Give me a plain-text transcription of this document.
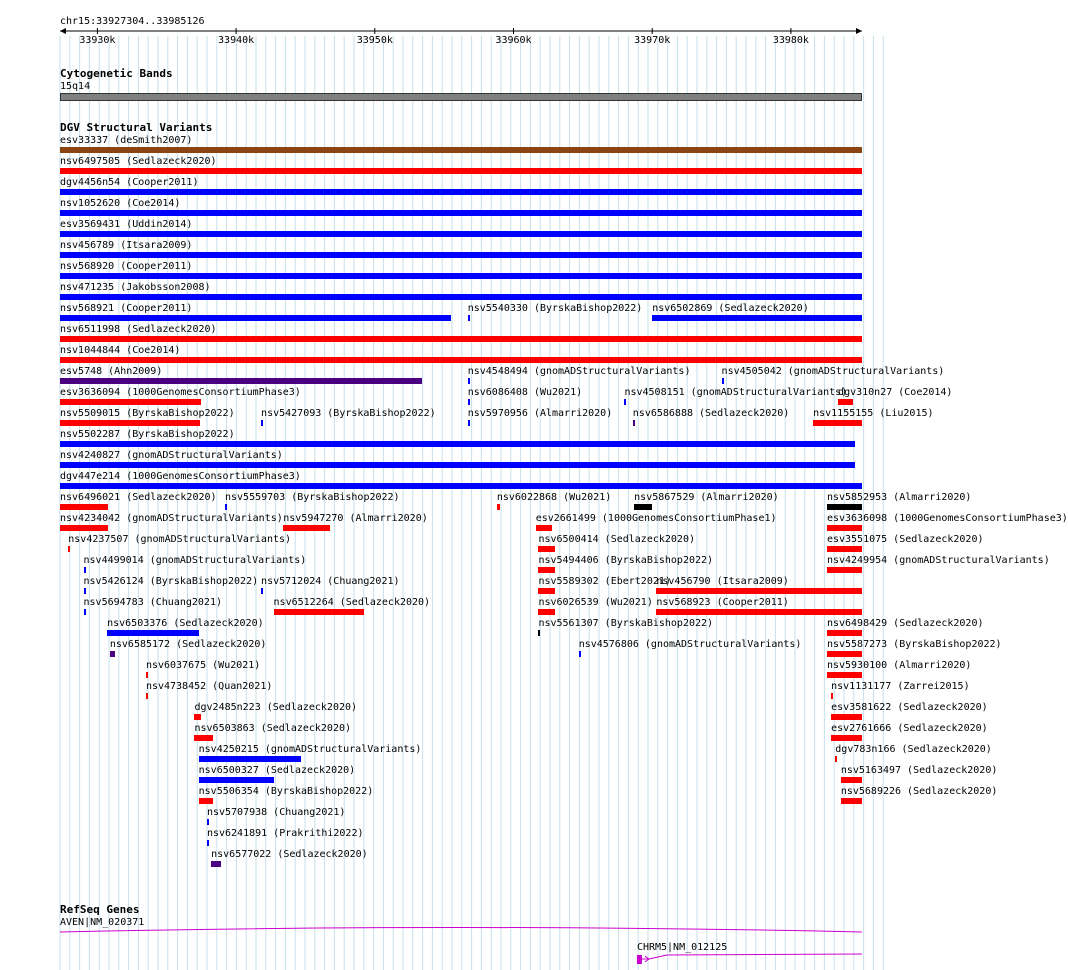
chr15:33927304..33985126
33930k	33940k	33950k	33960k	33970k	33980k
Cytogenetic Bands
15q14
DGV Structural Variants
esv33337 (deSmith2007)
nsv6497505 (Sedlazeck2020)
dgv4456n54 (Cooper2011)
nsv1052620 (Coe2014)
esv3569431 (Uddin2014)
nsv456789 (Itsara2009)
nsv568920 (Cooper2011)
nsv471235 (Jakobsson2008)
nsv568921 (Cooper2011)	nsv5540330 (ByrskaBishop2022) nsv6502869 (Sedlazeck2020)
nsv6511998 (Sedlazeck2020)
nsv1044844 (Coe2014)
esv5748 (Ahn2009)	nsv4548494 (gnomADStructuralVariants)	nsv4505042 (gnomADStructuralVariants)
esv3636094 (1000GenomesConsortiumPhase3)	nsv6086408 (Wu2021)	nsv4508151 (gnomADStructuralVariants)
dgv310n27 (Coe2014)
nsv5509015 (ByrskaBishop2022)	nsv5427093 (ByrskaBishop2022)	nsv5970956 (Almarri2020) nsv6586888 (Sedlazeck2020) nsv1155155 (Liu2015)
nsv5502287 (ByrskaBishop2022)
nsv4240827 (gnomADStructuralVariants)
dgv447e214 (1000GenomesConsortiumPhase3)
nsv6496021 (Sedlazeck2020) nsv5559703 (ByrskaBishop2022)	nsv6022868 (Wu2021) nsv5867529 (Almarri2020)	nsv5852953 (Almarri2020)
nsv4234042 (gnomADStructuralVariants) nsv5947270 (Almarri2020)	esv2661499 (1000GenomesConsortiumPhase1)	esv3636098 (1000GenomesConsortiumPhase3)
nsv4237507 (gnomADStructuralVariants)	nsv6500414 (Sedlazeck2020)	esv3551075 (Sedlazeck2020)
nsv4499014 (gnomADStructuralVariants)	nsv5494406 (ByrskaBishop2022)	nsv4249954 (gnomADStructuralVariants)
nsv5426124 (ByrskaBishop2022) nsv5712024 (Chuang2021)	nsv5589302 (Ebert2021)
nsv456790 (Itsara2009)
nsv5694783 (Chuang2021)	nsv6512264 (Sedlazeck2020)	nsv6026539 (Wu2021) nsv568923 (Cooper2011)
nsv6503376 (Sedlazeck2020)	nsv5561307 (ByrskaBishop2022)	nsv6498429 (Sedlazeck2020)
nsv6585172 (Sedlazeck2020)	nsv4576806 (gnomADStructuralVariants)	nsv5587273 (ByrskaBishop2022)
nsv6037675 (Wu2021)	nsv5930100 (Almarri2020)
nsv4738452 (Quan2021)	nsv1131177 (Zarrei2015)
dgv2485n223 (Sedlazeck2020)	esv3581622 (Sedlazeck2020)
nsv6503863 (Sedlazeck2020)	esv2761666 (Sedlazeck2020)
nsv4250215 (gnomADStructuralVariants)	dgv783n166 (Sedlazeck2020)
nsv6500327 (Sedlazeck2020)	nsv5163497 (Sedlazeck2020)
nsv5506354 (ByrskaBishop2022)	nsv5689226 (Sedlazeck2020)
nsv5707938 (Chuang2021)
nsv6241891 (Prakrithi2022)
nsv6577022 (Sedlazeck2020)
RefSeq Genes
AVEN|NM_020371
CHRM5|NM_012125
